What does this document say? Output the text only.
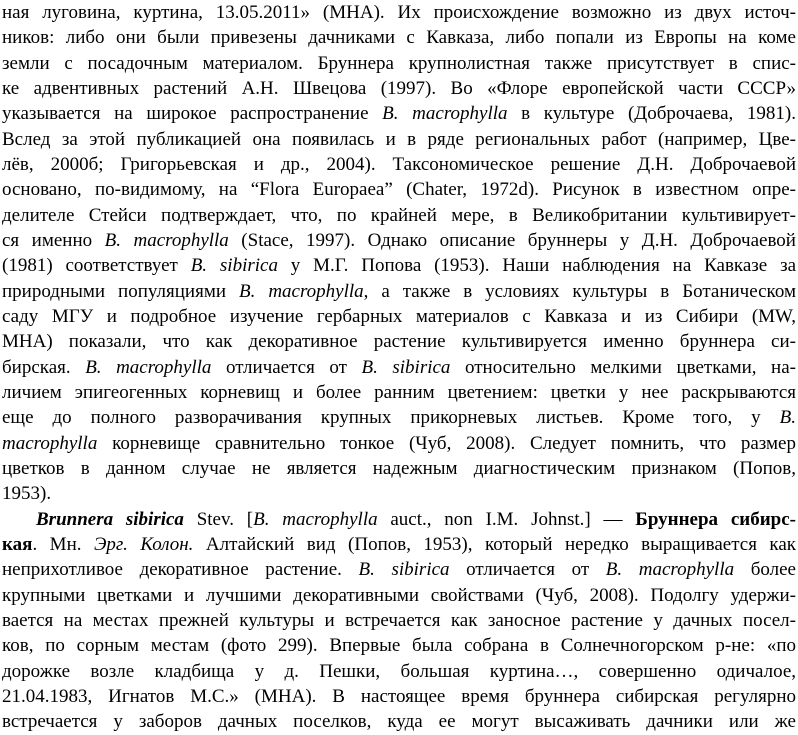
ная луговина, куртина, 13.05.2011» (МНА). Их происхождение возможно из двух источ-
ников: либо они были привезены дачниками с Кавказа, либо попали из Европы на коме
земли с посадочным материалом. Бруннера крупнолистная также присутствует в спис-
ке адвентивных растений А.Н. Швецова (1997). Во «Флоре европейской части СССР»
указывается на широкое распространение B. macrophylla в культуре (Доброчаева, 1981).
Вслед за этой публикацией она появилась и в ряде региональных работ (например, Цве-
лёв, 2000б; Григорьевская и др., 2004). Таксономическое решение Д.Н. Доброчаевой
основано, по-видимому, на “Flora Europaea” (Chater, 1972d). Рисунок в известном опре-
делителе Стейси подтверждает, что, по крайней мере, в Великобритании культивирует-
ся именно B. macrophylla (Stace, 1997). Однако описание бруннеры у Д.Н. Доброчаевой
(1981) соответствует B. sibirica у М.Г. Попова (1953). Наши наблюдения на Кавказе за
природными популяциями B. macrophylla, а также в условиях культуры в Ботаническом
саду МГУ и подробное изучение гербарных материалов с Кавказа и из Сибири (MW,
МНА) показали, что как декоративное растение культивируется именно бруннера си-
бирская. B. macrophylla отличается от B. sibirica относительно мелкими цветками, на-
личием эпигеогенных корневищ и более ранним цветением: цветки у нее раскрываются
еще до полного разворачивания крупных прикорневых листьев. Кроме того, у B.
macrophylla корневище сравнительно тонкое (Чуб, 2008). Следует помнить, что размер
цветков в данном случае не является надежным диагностическим признаком (Попов,
1953).
Brunnera sibirica Stev. [B. macrophylla auct., non I.M. Johnst.] — Бруннера сибирс-
кая. Мн. Эрг. Колон. Алтайский вид (Попов, 1953), который нередко выращивается как
неприхотливое декоративное растение. B. sibirica отличается от B. macrophylla более
крупными цветками и лучшими декоративными свойствами (Чуб, 2008). Подолгу удержи-
вается на местах прежней культуры и встречается как заносное растение у дачных посел-
ков, по сорным местам (фото 299). Впервые была собрана в Солнечногорском р-не: «по
дорожке возле кладбища у д. Пешки, большая куртина…, совершенно одичалое,
21.04.1983, Игнатов М.С.» (МНА). В настоящее время бруннера сибирская регулярно
встречается у заборов дачных поселков, куда ее могут высаживать дачники или же
